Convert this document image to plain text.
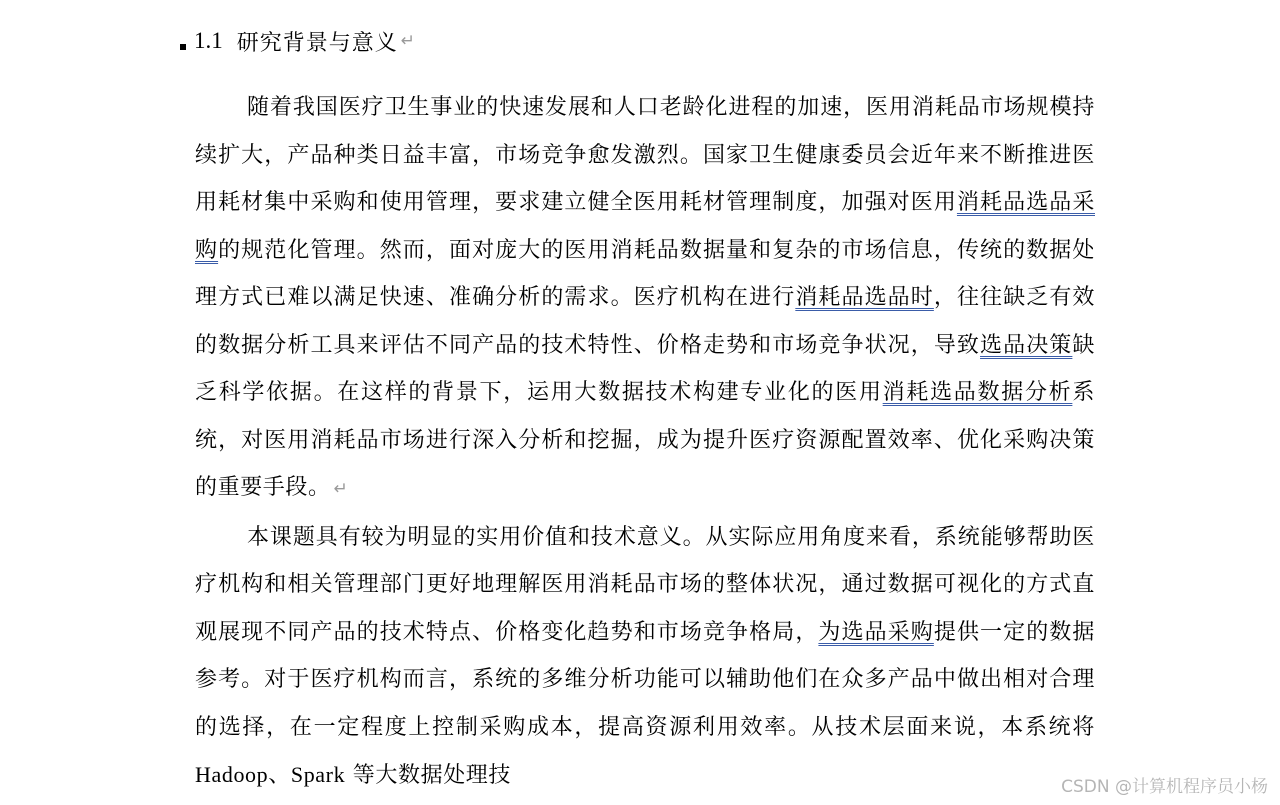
1.1 研究背景与意义 ↵

随着我国医疗卫生事业的快速发展和人口老龄化进程的加速，医用消耗品市场规模持续扩大，产品种类日益丰富，市场竞争愈发激烈。国家卫生健康委员会近年来不断推进医用耗材集中采购和使用管理，要求建立健全医用耗材管理制度，加强对医用消耗品选品采购的规范化管理。然而，面对庞大的医用消耗品数据量和复杂的市场信息，传统的数据处理方式已难以满足快速、准确分析的需求。医疗机构在进行消耗品选品时，往往缺乏有效的数据分析工具来评估不同产品的技术特性、价格走势和市场竞争状况，导致选品决策缺乏科学依据。在这样的背景下，运用大数据技术构建专业化的医用消耗选品数据分析系统，对医用消耗品市场进行深入分析和挖掘，成为提升医疗资源配置效率、优化采购决策的重要手段。 ↵

本课题具有较为明显的实用价值和技术意义。从实际应用角度来看，系统能够帮助医疗机构和相关管理部门更好地理解医用消耗品市场的整体状况，通过数据可视化的方式直观展现不同产品的技术特点、价格变化趋势和市场竞争格局，为选品采购提供一定的数据参考。对于医疗机构而言，系统的多维分析功能可以辅助他们在众多产品中做出相对合理的选择，在一定程度上控制采购成本，提高资源利用效率。从技术层面来说，本系统将 Hadoop、Spark 等大数据处理技	CSDN @计算机程序员小杨
